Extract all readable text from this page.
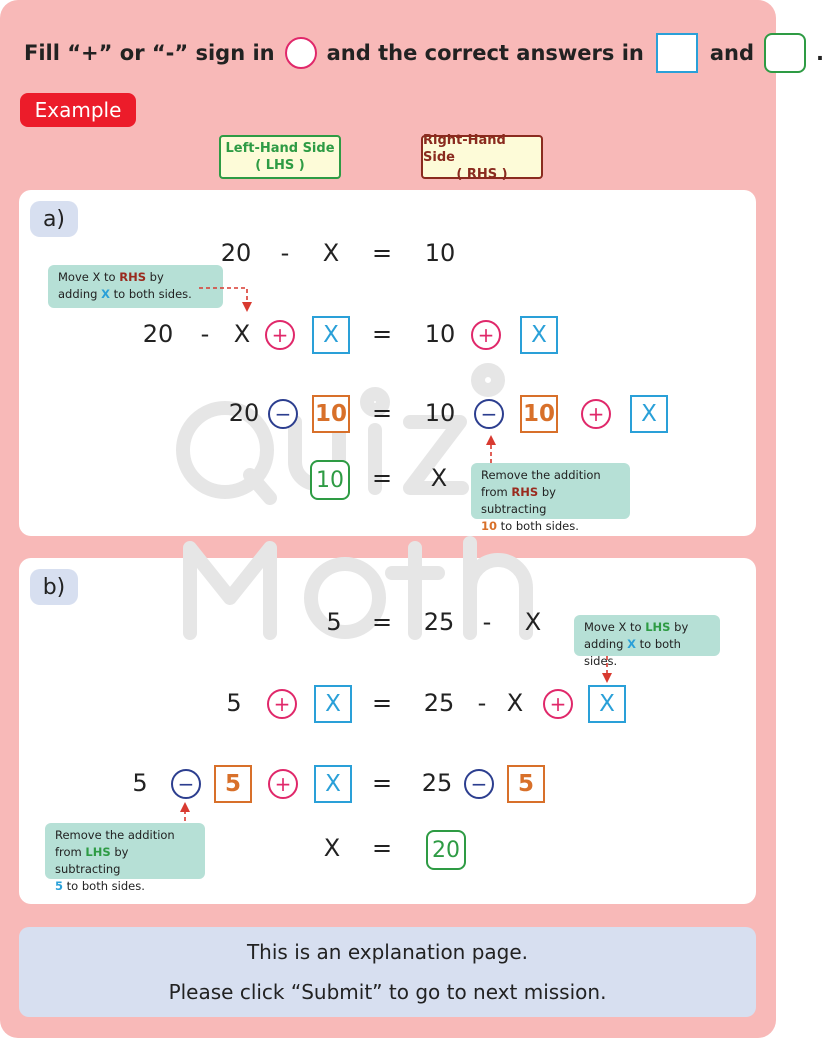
Fill “+” or “-” sign in and the correct answers in	and	.
Example
Left-Hand Side
( LHS )
Right-Hand Side
( RHS )
a)
20	-	X	=	10
Move X to RHS by
adding X to both sides.
20	-	X	+	X	=	10	+	X
20 − 10	=	10	− 10	+	X
10	=	X	Remove the addition
from RHS by subtracting
10 to both sides.
b)
5	=	25	-	X	Move X to LHS by
adding X to both sides.
5	+	X	=	25 - X	+	X
5	−	5	+	X	=	25 −	5
Remove the addition
from LHS by subtracting
5 to both sides.
X	=	20
This is an explanation page.
Please click “Submit” to go to next mission.
